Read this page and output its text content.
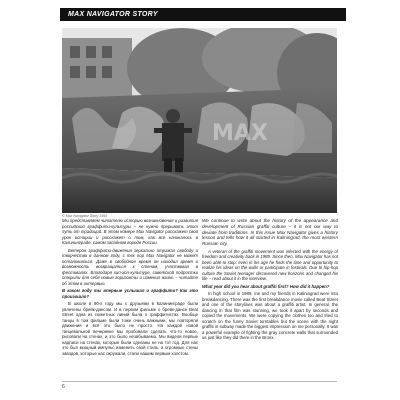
MAX NAVIGATOR STORY
MAX
© Max Navigator Story 1993

Мы представляем читателю историю возникновения и развития российской граффити-культуры – не нужно прерывать этот путь от традиций. В этом номере Max Navigator расскажет свой урок истории и расскажет о том, как все начиналось в Калининграде, самом западном городе России.

Бетерон граффити-движения зеркально отражал свободу и творчество в данном году, с тех пор Max Navigator не может остановиться. Даже в свободное время он находил время и возможность возвращаться к стенам, участвовал в фестивалях. Благодаря хип-хоп-культуре, советской подростки открыли для себя новые горизонты и изменил жизнь – читайте об этом в интервью.

В каком году ты впервые услышал о граффити? Как это произошло?

В школе в 90-х году мы с друзьями в Калининграде были увлечены брейк-дансом. И в первом фильме о брейк-дансе Beat Street одна из сюжетных линий была о граффитистах. Вообще танцы в том фильме были тоже очень важными, мы повторяли движения и всё это было не просто. На каждой новой танцевальной вечеринке мы пробовали сделать что-то новое, рисовали на стенах, и это было незабываемо. Мы видели первые надписи на стенах, которые были сделаны не на тот год. Для нас это был мощный импульс изменить свой стиль, а огромные стены заводов, которые нас окружали, стали нашим первым холстом.

We continue to write about the history of the appearance and development of Russian graffiti culture – it is not our way to deviate from traditions. In this issue Max Navigator gives a history lesson and tells how it all started in Kaliningrad, the most western Russian city.

A veteran of the graffiti movement was infected with the energy of freedom and creativity back in 1989. Since then, Max Navigator has not been able to stop: even in his age he finds the time and opportunity to realize his ideas on the walls or participate in festivals. Due to hip-hop culture the Soviet teenager discovered new horizons and changed his life – read about it in the interview.

What year did you hear about graffiti first? How did it happen?

In high school in 1989, me and my friends in Kaliningrad were into breakdancing. There was the first breakdance movie called Beat Street and one of the storylines was about a graffiti artist. In general, the dancing in that film was stunning, we took it apart by seconds and copied the movements. We were copying the clothes too and tried to scratch on the funny Soviet turntables but the scene with the night graffiti in subway made the biggest impression on me personally. It was a powerful example of fighting the gray concrete walls that surrounded us just like they did there in the Bronx.

6
